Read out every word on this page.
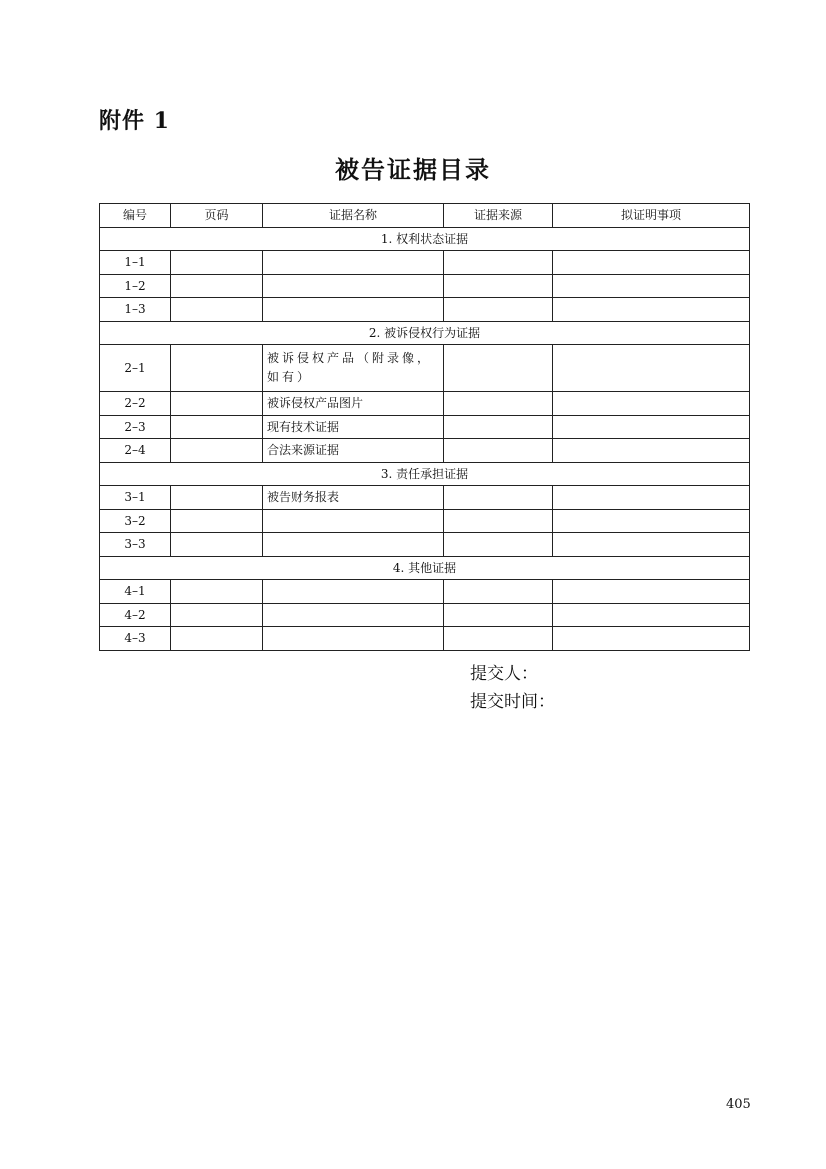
附件 1
被告证据目录
编号	页码	证据名称	证据来源	拟证明事项
1. 权利状态证据				
1–1				
1–2				
1–3				
2. 被诉侵权行为证据				
2–1		被诉侵权产品（附录像，如有）		
2–2		被诉侵权产品图片		
2–3		现有技术证据		
2–4		合法来源证据		
3. 责任承担证据				
3–1		被告财务报表		
3–2				
3–3				
4. 其他证据				
4–1				
4–2				
4–3				
提交人：
提交时间：
405
